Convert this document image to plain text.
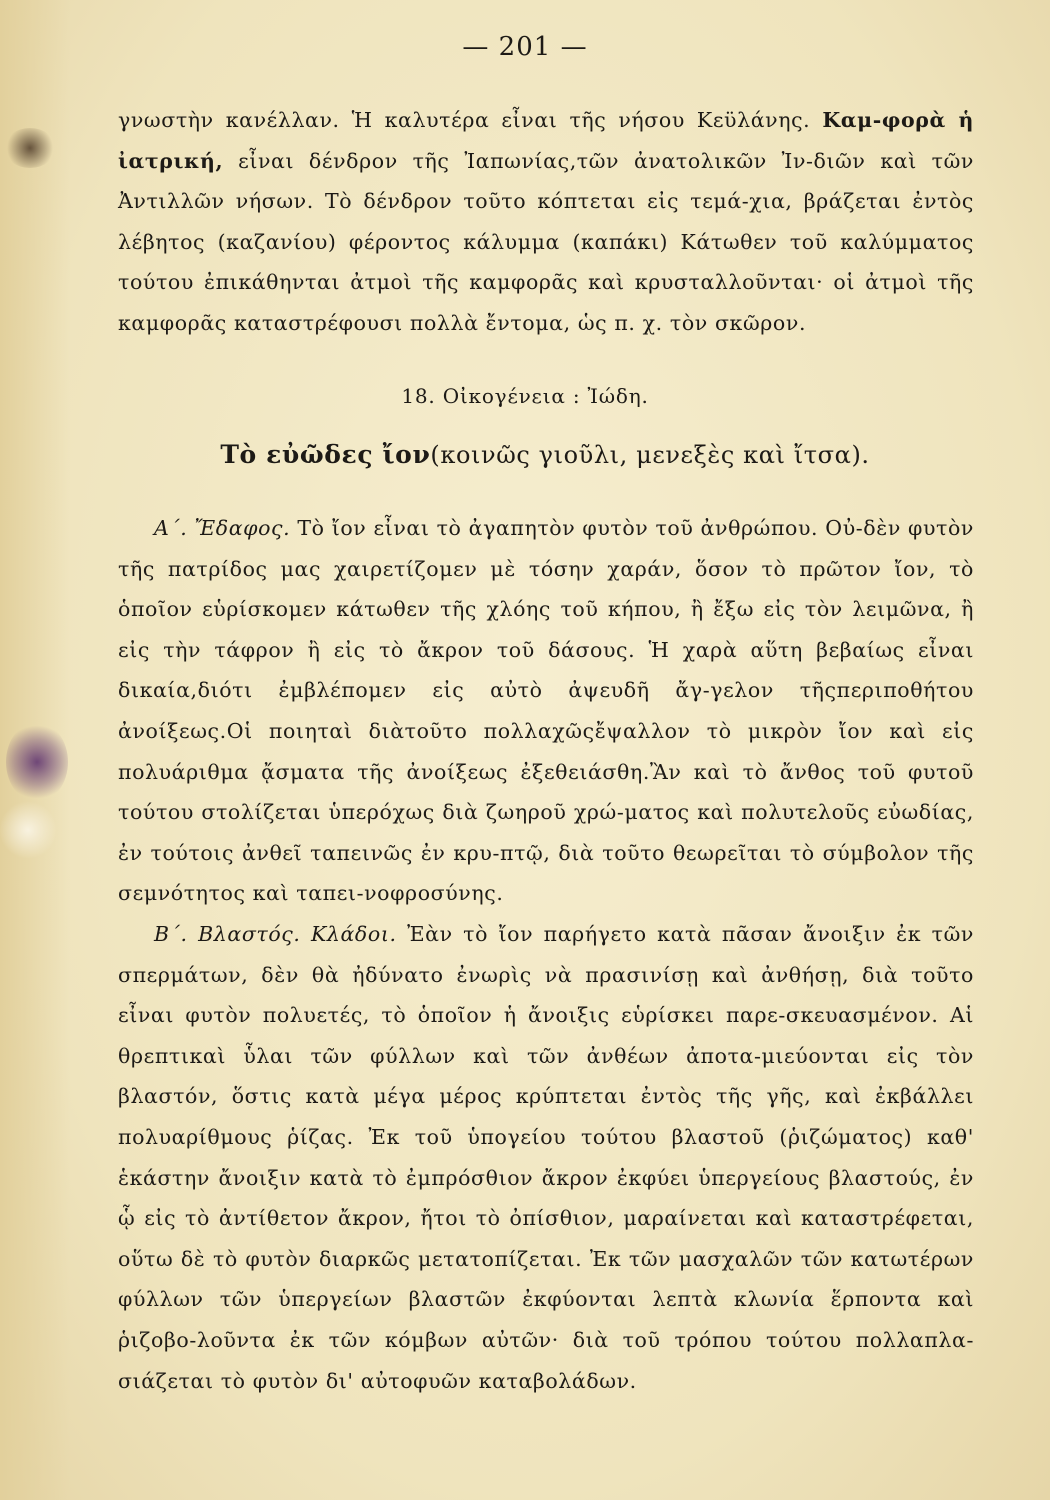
— 201 —

γνωστὴν κανέλλαν. Ἡ καλυτέρα εἶναι τῆς νήσου Κεϋλάνης. Καμ-φορὰ ἡ ἰατρική, εἶναι δένδρον τῆς Ἰαπωνίας,τῶν ἀνατολικῶν Ἰν-διῶν καὶ τῶν Ἀντιλλῶν νήσων. Τὸ δένδρον τοῦτο κόπτεται εἰς τεμά-χια, βράζεται ἐντὸς λέβητος (καζανίου) φέροντος κάλυμμα (καπάκι) Κάτωθεν τοῦ καλύμματος τούτου ἐπικάθηνται ἀτμοὶ τῆς καμφορᾶς καὶ κρυσταλλοῦνται· οἱ ἀτμοὶ τῆς καμφορᾶς καταστρέφουσι πολλὰ ἔντομα, ὡς π. χ. τὸν σκῶρον.

18. Οἰκογένεια : Ἰώδη.
Τὸ εὐῶδες ἴον(κοινῶς γιοῦλι, μενεξὲς καὶ ἴτσα).

Α΄. Ἔδαφος. Τὸ ἴον εἶναι τὸ ἀγαπητὸν φυτὸν τοῦ ἀνθρώπου. Οὐ-δὲν φυτὸν τῆς πατρίδος μας χαιρετίζομεν μὲ τόσην χαράν, ὅσον τὸ πρῶτον ἴον, τὸ ὁποῖον εὑρίσκομεν κάτωθεν τῆς χλόης τοῦ κήπου, ἢ ἔξω εἰς τὸν λειμῶνα, ἢ εἰς τὴν τάφρον ἢ εἰς τὸ ἄκρον τοῦ δάσους. Ἡ χαρὰ αὕτη βεβαίως εἶναι δικαία,διότι ἐμβλέπομεν εἰς αὐτὸ ἀψευδῆ ἄγ-γελον τῆςπεριποθήτου ἀνοίξεως.Οἱ ποιηταὶ διὰτοῦτο πολλαχῶςἔψαλλον τὸ μικρὸν ἴον καὶ εἰς πολυάριθμα ᾄσματα τῆς ἀνοίξεως ἐξεθειάσθη.Ἂν καὶ τὸ ἄνθος τοῦ φυτοῦ τούτου στολίζεται ὑπερόχως διὰ ζωηροῦ χρώ-ματος καὶ πολυτελοῦς εὐωδίας, ἐν τούτοις ἀνθεῖ ταπεινῶς ἐν κρυ-πτῷ, διὰ τοῦτο θεωρεῖται τὸ σύμβολον τῆς σεμνότητος καὶ ταπει-νοφροσύνης.

Β΄. Βλαστός. Κλάδοι. Ἐὰν τὸ ἴον παρήγετο κατὰ πᾶσαν ἄνοιξιν ἐκ τῶν σπερμάτων, δὲν θὰ ἠδύνατο ἐνωρὶς νὰ πρασινίσῃ καὶ ἀνθήσῃ, διὰ τοῦτο εἶναι φυτὸν πολυετές, τὸ ὁποῖον ἡ ἄνοιξις εὑρίσκει παρε-σκευασμένον. Αἱ θρεπτικαὶ ὗλαι τῶν φύλλων καὶ τῶν ἀνθέων ἀποτα-μιεύονται εἰς τὸν βλαστόν, ὅστις κατὰ μέγα μέρος κρύπτεται ἐντὸς τῆς γῆς, καὶ ἐκβάλλει πολυαρίθμους ῥίζας. Ἐκ τοῦ ὑπογείου τούτου βλαστοῦ (ῥιζώματος) καθ' ἑκάστην ἄνοιξιν κατὰ τὸ ἐμπρόσθιον ἄκρον ἐκφύει ὑπεργείους βλαστούς, ἐν ᾧ εἰς τὸ ἀντίθετον ἄκρον, ἤτοι τὸ ὀπίσθιον, μαραίνεται καὶ καταστρέφεται, οὕτω δὲ τὸ φυτὸν διαρκῶς μετατοπίζεται. Ἐκ τῶν μασχαλῶν τῶν κατωτέρων φύλλων τῶν ὑπεργείων βλαστῶν ἐκφύονται λεπτὰ κλωνία ἕρποντα καὶ ῥιζοβο-λοῦντα ἐκ τῶν κόμβων αὐτῶν· διὰ τοῦ τρόπου τούτου πολλαπλα-σιάζεται τὸ φυτὸν δι' αὐτοφυῶν καταβολάδων.
